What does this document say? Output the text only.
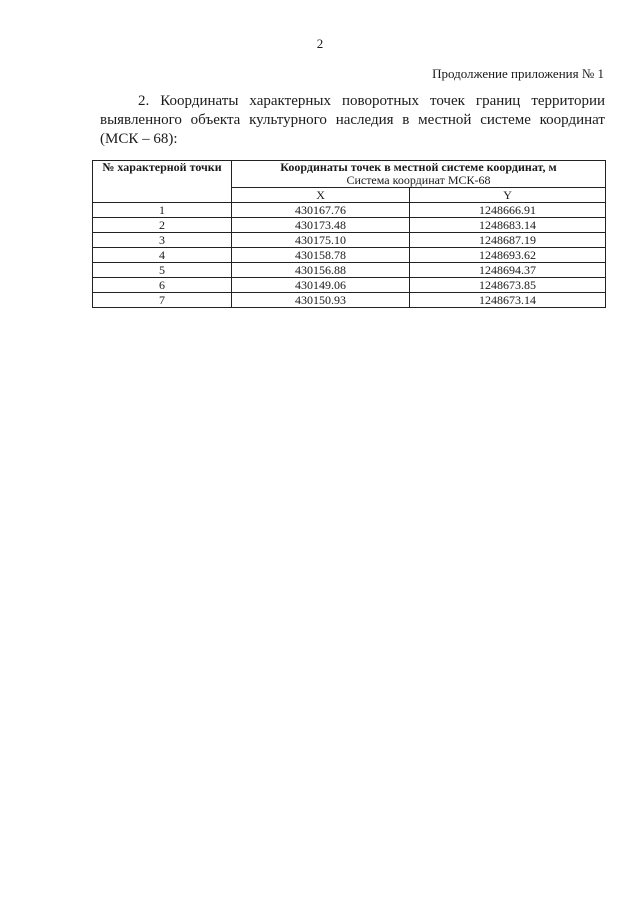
2
Продолжение приложения № 1
2. Координаты характерных поворотных точек границ территории выявленного объекта культурного наследия в местной системе координат (МСК – 68):
№ характерной точки	Координаты точек в местной системе координат, м
Система координат МСК-68	

	X	Y
1	430167.76	1248666.91
2	430173.48	1248683.14
3	430175.10	1248687.19
4	430158.78	1248693.62
5	430156.88	1248694.37
6	430149.06	1248673.85
7	430150.93	1248673.14
